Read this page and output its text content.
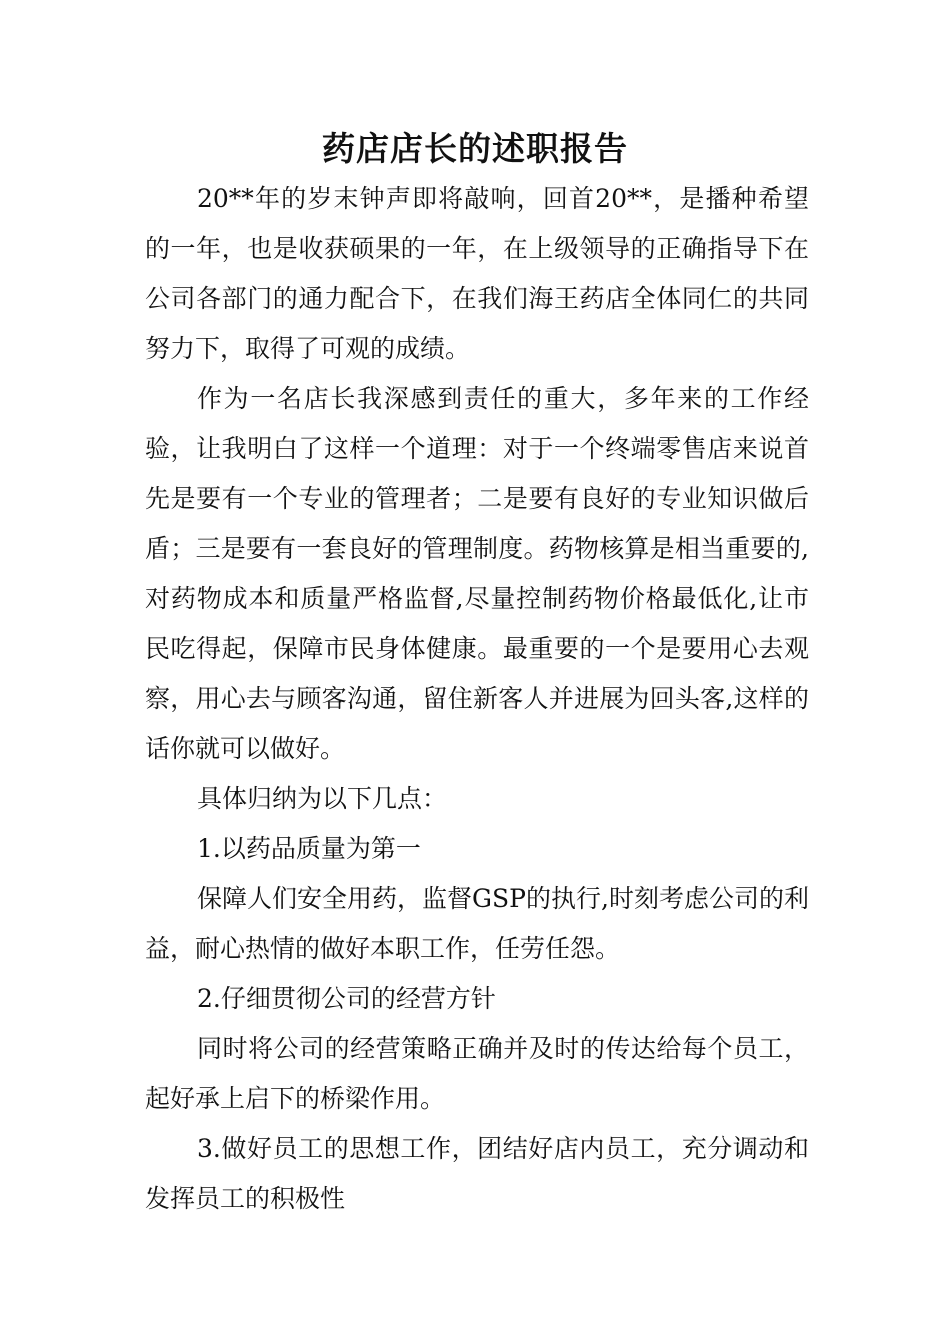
药店店长的述职报告

20**年的岁末钟声即将敲响，回首20**，是播种希望的一年，也是收获硕果的一年，在上级领导的正确指导下在公司各部门的通力配合下，在我们海王药店全体同仁的共同努力下，取得了可观的成绩。

作为一名店长我深感到责任的重大，多年来的工作经验，让我明白了这样一个道理：对于一个终端零售店来说首先是要有一个专业的管理者；二是要有良好的专业知识做后盾；三是要有一套良好的管理制度。药物核算是相当重要的,对药物成本和质量严格监督,尽量控制药物价格最低化,让市民吃得起，保障市民身体健康。最重要的一个是要用心去观察，用心去与顾客沟通，留住新客人并进展为回头客,这样的话你就可以做好。

具体归纳为以下几点：

1.以药品质量为第一

保障人们安全用药，监督GSP的执行,时刻考虑公司的利益，耐心热情的做好本职工作，任劳任怨。

2.仔细贯彻公司的经营方针

同时将公司的经营策略正确并及时的传达给每个员工，起好承上启下的桥梁作用。

3.做好员工的思想工作，团结好店内员工，充分调动和发挥员工的积极性
